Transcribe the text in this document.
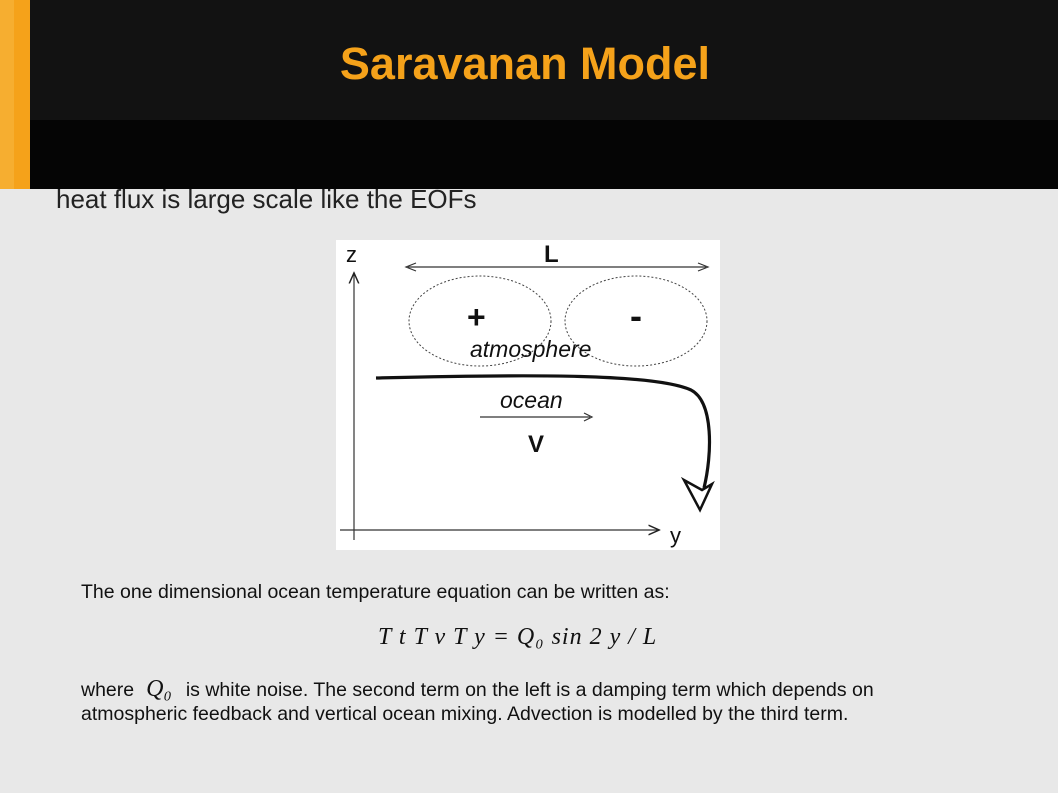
Saravanan Model
heat flux is large scale like the EOFs
z
y
L
+	-
atmosphere
ocean
V
The one dimensional ocean temperature equation can be written as:
T t T v T y = Q₀ sin 2 y / L
where Q₀ is white noise. The second term on the left is a damping term which depends on atmospheric feedback and vertical ocean mixing. Advection is modelled by the third term.
